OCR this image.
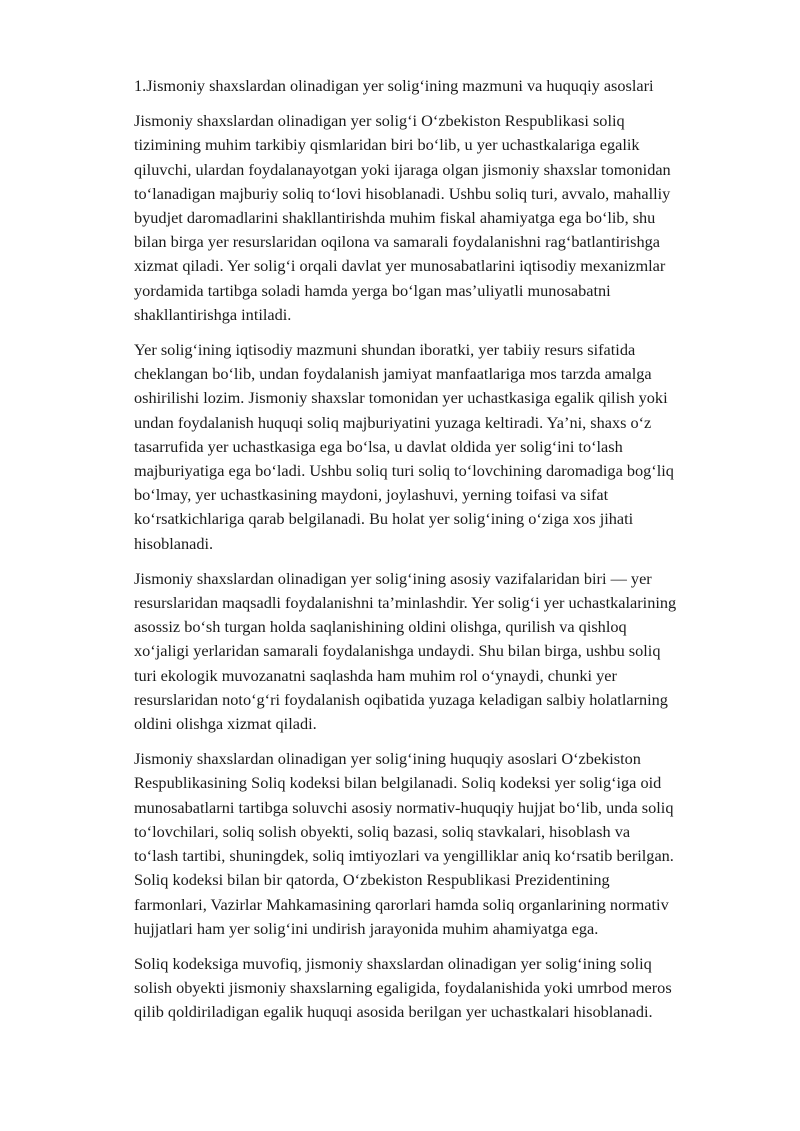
1.Jismoniy shaxslardan olinadigan yer solig‘ining mazmuni va huquqiy asoslari

Jismoniy shaxslardan olinadigan yer solig‘i O‘zbekiston Respublikasi soliq
tizimining muhim tarkibiy qismlaridan biri bo‘lib, u yer uchastkalariga egalik
qiluvchi, ulardan foydalanayotgan yoki ijaraga olgan jismoniy shaxslar tomonidan
to‘lanadigan majburiy soliq to‘lovi hisoblanadi. Ushbu soliq turi, avvalo, mahalliy
byudjet daromadlarini shakllantirishda muhim fiskal ahamiyatga ega bo‘lib, shu
bilan birga yer resurslaridan oqilona va samarali foydalanishni rag‘batlantirishga
xizmat qiladi. Yer solig‘i orqali davlat yer munosabatlarini iqtisodiy mexanizmlar
yordamida tartibga soladi hamda yerga bo‘lgan mas’uliyatli munosabatni
shakllantirishga intiladi.

Yer solig‘ining iqtisodiy mazmuni shundan iboratki, yer tabiiy resurs sifatida
cheklangan bo‘lib, undan foydalanish jamiyat manfaatlariga mos tarzda amalga
oshirilishi lozim. Jismoniy shaxslar tomonidan yer uchastkasiga egalik qilish yoki
undan foydalanish huquqi soliq majburiyatini yuzaga keltiradi. Ya’ni, shaxs o‘z
tasarrufida yer uchastkasiga ega bo‘lsa, u davlat oldida yer solig‘ini to‘lash
majburiyatiga ega bo‘ladi. Ushbu soliq turi soliq to‘lovchining daromadiga bog‘liq
bo‘lmay, yer uchastkasining maydoni, joylashuvi, yerning toifasi va sifat
ko‘rsatkichlariga qarab belgilanadi. Bu holat yer solig‘ining o‘ziga xos jihati
hisoblanadi.

Jismoniy shaxslardan olinadigan yer solig‘ining asosiy vazifalaridan biri — yer
resurslaridan maqsadli foydalanishni ta’minlashdir. Yer solig‘i yer uchastkalarining
asossiz bo‘sh turgan holda saqlanishining oldini olishga, qurilish va qishloq
xo‘jaligi yerlaridan samarali foydalanishga undaydi. Shu bilan birga, ushbu soliq
turi ekologik muvozanatni saqlashda ham muhim rol o‘ynaydi, chunki yer
resurslaridan noto‘g‘ri foydalanish oqibatida yuzaga keladigan salbiy holatlarning
oldini olishga xizmat qiladi.

Jismoniy shaxslardan olinadigan yer solig‘ining huquqiy asoslari O‘zbekiston
Respublikasining Soliq kodeksi bilan belgilanadi. Soliq kodeksi yer solig‘iga oid
munosabatlarni tartibga soluvchi asosiy normativ-huquqiy hujjat bo‘lib, unda soliq
to‘lovchilari, soliq solish obyekti, soliq bazasi, soliq stavkalari, hisoblash va
to‘lash tartibi, shuningdek, soliq imtiyozlari va yengilliklar aniq ko‘rsatib berilgan.
Soliq kodeksi bilan bir qatorda, O‘zbekiston Respublikasi Prezidentining
farmonlari, Vazirlar Mahkamasining qarorlari hamda soliq organlarining normativ
hujjatlari ham yer solig‘ini undirish jarayonida muhim ahamiyatga ega.

Soliq kodeksiga muvofiq, jismoniy shaxslardan olinadigan yer solig‘ining soliq
solish obyekti jismoniy shaxslarning egaligida, foydalanishida yoki umrbod meros
qilib qoldiriladigan egalik huquqi asosida berilgan yer uchastkalari hisoblanadi.
